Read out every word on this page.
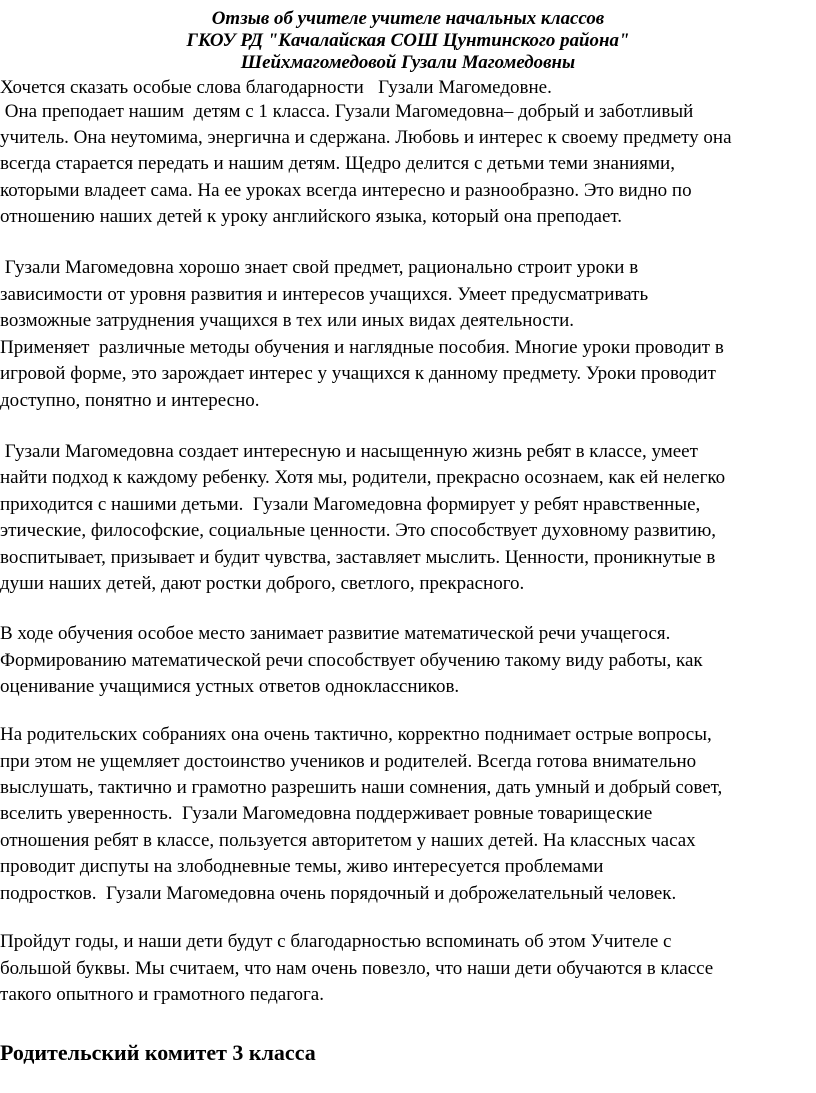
Отзыв об учителе учителе начальных классов
ГКОУ РД "Качалайская СОШ Цунтинского района"
Шейхмагомедовой Гузали Магомедовны
Хочется сказать особые слова благодарности   Гузали Магомедовне.
Она преподает нашим  детям с 1 класса. Гузали Магомедовна– добрый и заботливый
учитель. Она неутомима, энергична и сдержана. Любовь и интерес к своему предмету она
всегда старается передать и нашим детям. Щедро делится с детьми теми знаниями,
которыми владеет сама. На ее уроках всегда интересно и разнообразно. Это видно по
отношению наших детей к уроку английского языка, который она преподает.
Гузали Магомедовна хорошо знает свой предмет, рационально строит уроки в
зависимости от уровня развития и интересов учащихся. Умеет предусматривать
возможные затруднения учащихся в тех или иных видах деятельности.
Применяет  различные методы обучения и наглядные пособия. Многие уроки проводит в
игровой форме, это зарождает интерес у учащихся к данному предмету. Уроки проводит
доступно, понятно и интересно.
Гузали Магомедовна создает интересную и насыщенную жизнь ребят в классе, умеет
найти подход к каждому ребенку. Хотя мы, родители, прекрасно осознаем, как ей нелегко
приходится с нашими детьми.  Гузали Магомедовна формирует у ребят нравственные,
этические, философские, социальные ценности. Это способствует духовному развитию,
воспитывает, призывает и будит чувства, заставляет мыслить. Ценности, проникнутые в
души наших детей, дают ростки доброго, светлого, прекрасного.
В ходе обучения особое место занимает развитие математической речи учащегося.
Формированию математической речи способствует обучению такому виду работы, как
оценивание учащимися устных ответов одноклассников.
На родительских собраниях она очень тактично, корректно поднимает острые вопросы,
при этом не ущемляет достоинство учеников и родителей. Всегда готова внимательно
выслушать, тактично и грамотно разрешить наши сомнения, дать умный и добрый совет,
вселить уверенность.  Гузали Магомедовна поддерживает ровные товарищеские
отношения ребят в классе, пользуется авторитетом у наших детей. На классных часах
проводит диспуты на злободневные темы, живо интересуется проблемами
подростков.  Гузали Магомедовна очень порядочный и доброжелательный человек.
Пройдут годы, и наши дети будут с благодарностью вспоминать об этом Учителе с
большой буквы. Мы считаем, что нам очень повезло, что наши дети обучаются в классе
такого опытного и грамотного педагога.
Родительский комитет 3 класса
